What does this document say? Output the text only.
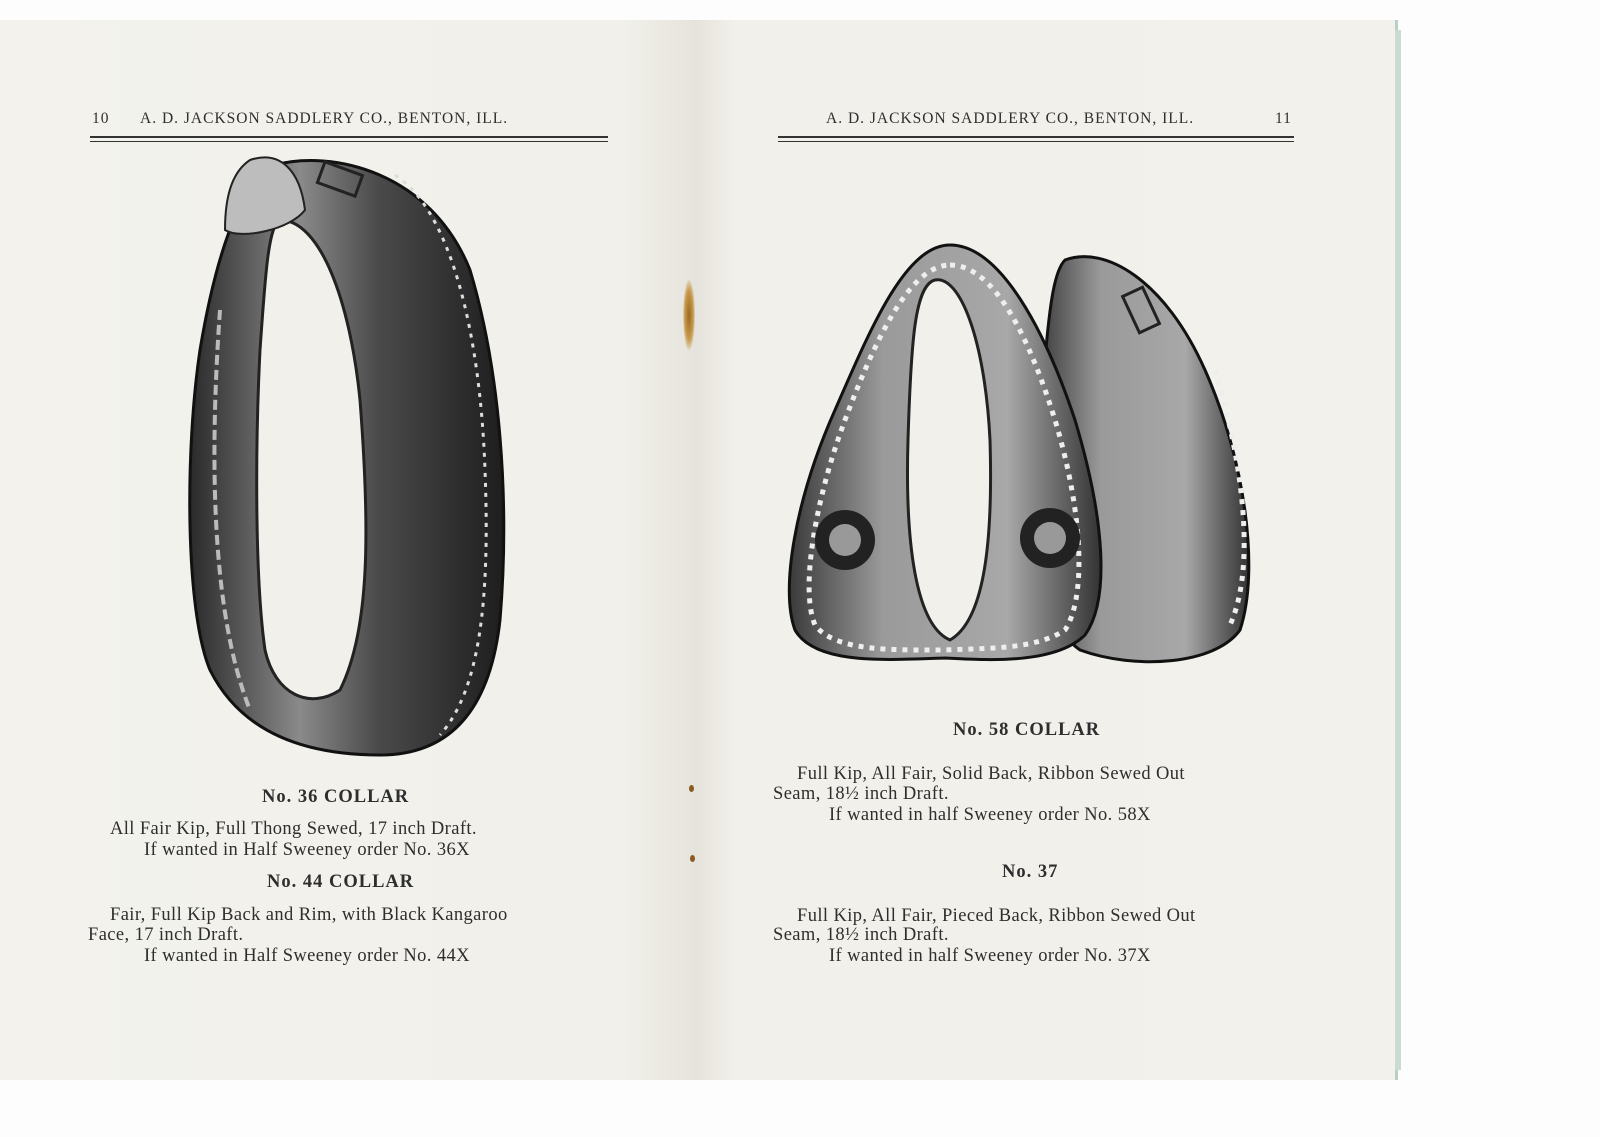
10 A. D. JACKSON SADDLERY CO., BENTON, ILL.	A. D. JACKSON SADDLERY CO., BENTON, ILL.	11
No. 36 COLLAR
All Fair Kip, Full Thong Sewed, 17 inch Draft.
If wanted in Half Sweeney order No. 36X
No. 44 COLLAR
Fair, Full Kip Back and Rim, with Black Kangaroo
Face, 17 inch Draft.
If wanted in Half Sweeney order No. 44X
No. 58 COLLAR
Full Kip, All Fair, Solid Back, Ribbon Sewed Out
Seam, 18½ inch Draft.
If wanted in half Sweeney order No. 58X
No. 37
Full Kip, All Fair, Pieced Back, Ribbon Sewed Out
Seam, 18½ inch Draft.
If wanted in half Sweeney order No. 37X
